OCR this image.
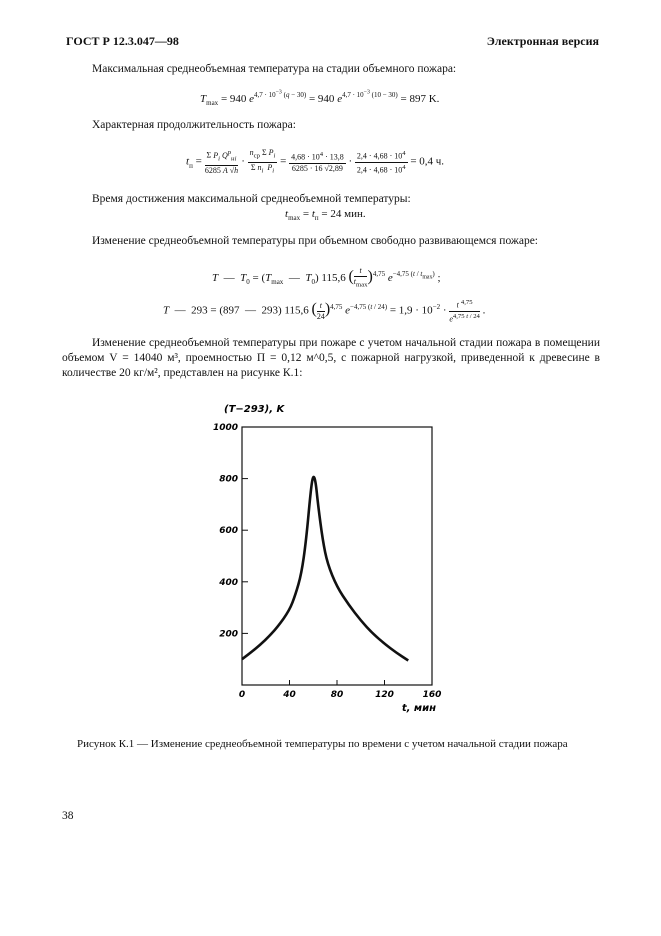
ГОСТ Р 12.3.047—98	Электронная версия
Максимальная среднеобъемная температура на стадии объемного пожара:
$T_{max} = 940$ $e^{4,7 \cdot 10^{-3} (q - 30)} = 940$ $e^{4,7 \cdot 10^{-3} (10 - 30)} = 897$ K.
Характерная продолжительность пожара:
$t_п = \frac{\Sigma P_i Q^р_{нi}}{6285 A √h} \cdot \frac{n_{ср} \Sigma P_i}{\Sigma n_i P_i} = \frac{4,68 \cdot 10^4 \cdot 13,8}{6285 \cdot 16 √2,89} \cdot \frac{2,4 \cdot 4,68 \cdot 10^4}{2,4 \cdot 4,68 \cdot 10^4} = 0,4$ ч.
Время достижения максимальной среднеобъемной температуры:
$t_{max} = t_п = 24$ мин.
Изменение среднеобъемной температуры при объемном свободно развивающемся пожаре:
T  —  $T_0 = (T_{max}$  —  $T_0$) 115,6 ( $\frac{t}{t_{max}} )^{4,75}$ $e^{-4,75 (t / t_{max})}$ ;
T  —  293 = (897  —  293) 115,6 ( $\frac{t}{24} )^{4,75}$ $e^{-4,75 (t / 24)} = 1,9 \cdot 10^{-2} \cdot \frac{t ^{4,75}}{e^{4,75 t / 24}}$ .
Изменение среднеобъемной температуры при пожаре с учетом начальной стадии пожара в помещении объемом V = 14040 м³, проемностью П = 0,12 м^0,5, с пожарной нагрузкой, приведенной к древесине в количестве 20 кг/м², представлен на рисунке К.1:
200
400
600
800
1000
0	40	80	120	160
(T−293), K
t, мин
Рисунок К.1 — Изменение среднеобъемной температуры по времени с учетом начальной стадии пожара
38
